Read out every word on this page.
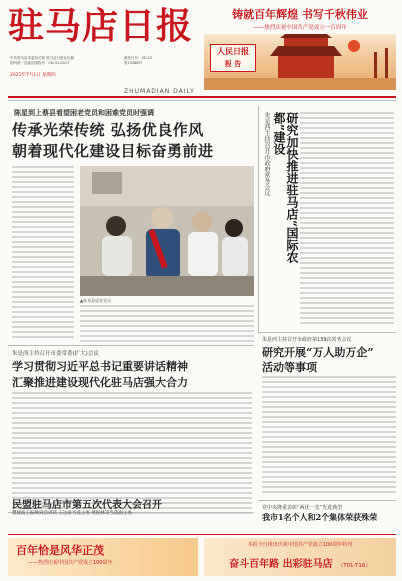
驻马店日报
ZHUMADIAN DAILY
中共驻马店市委机关报 驻马店日报社出版
国内统一连续出版物号：CN 41-0017
邮发代号：35-13
第15588号
2021年7月1日 星期四
铸就百年辉煌 书写千秋伟业
——热烈庆祝中国共产党成立一百周年
人民日报
报 告
陈星到上蔡县看望困老党员和困难党员时强调
传承光荣传统 弘扬优良作风
朝着现代化建设目标奋勇前进
▲陈星看望老党员
朱是西主持召开市政府常务会议	研究加快推进驻马店“国际农都”建设
朱是西主持召开市政府第139次常务会议
研究开展“万人助万企”
活动等事项
朱是西主持召开市委常委(扩大)会议
学习贯彻习近平总书记重要讲话精神
汇聚推进建设现代化驻马店强大合力
民盟驻马店市第五次代表大会召开
樊建波王振峰到会讲话 王达希当选主委 黄艳林等当选副主委
党中央隆重表彰“两优一先”先进典型
我市1名个人和2个集体荣获殊荣
百年恰是风华正茂
——热烈庆祝中国共产党成立100周年
本报今日推出庆祝中国共产党成立100周年特刊
奋斗百年路 出彩驻马店 （T01-T16）
